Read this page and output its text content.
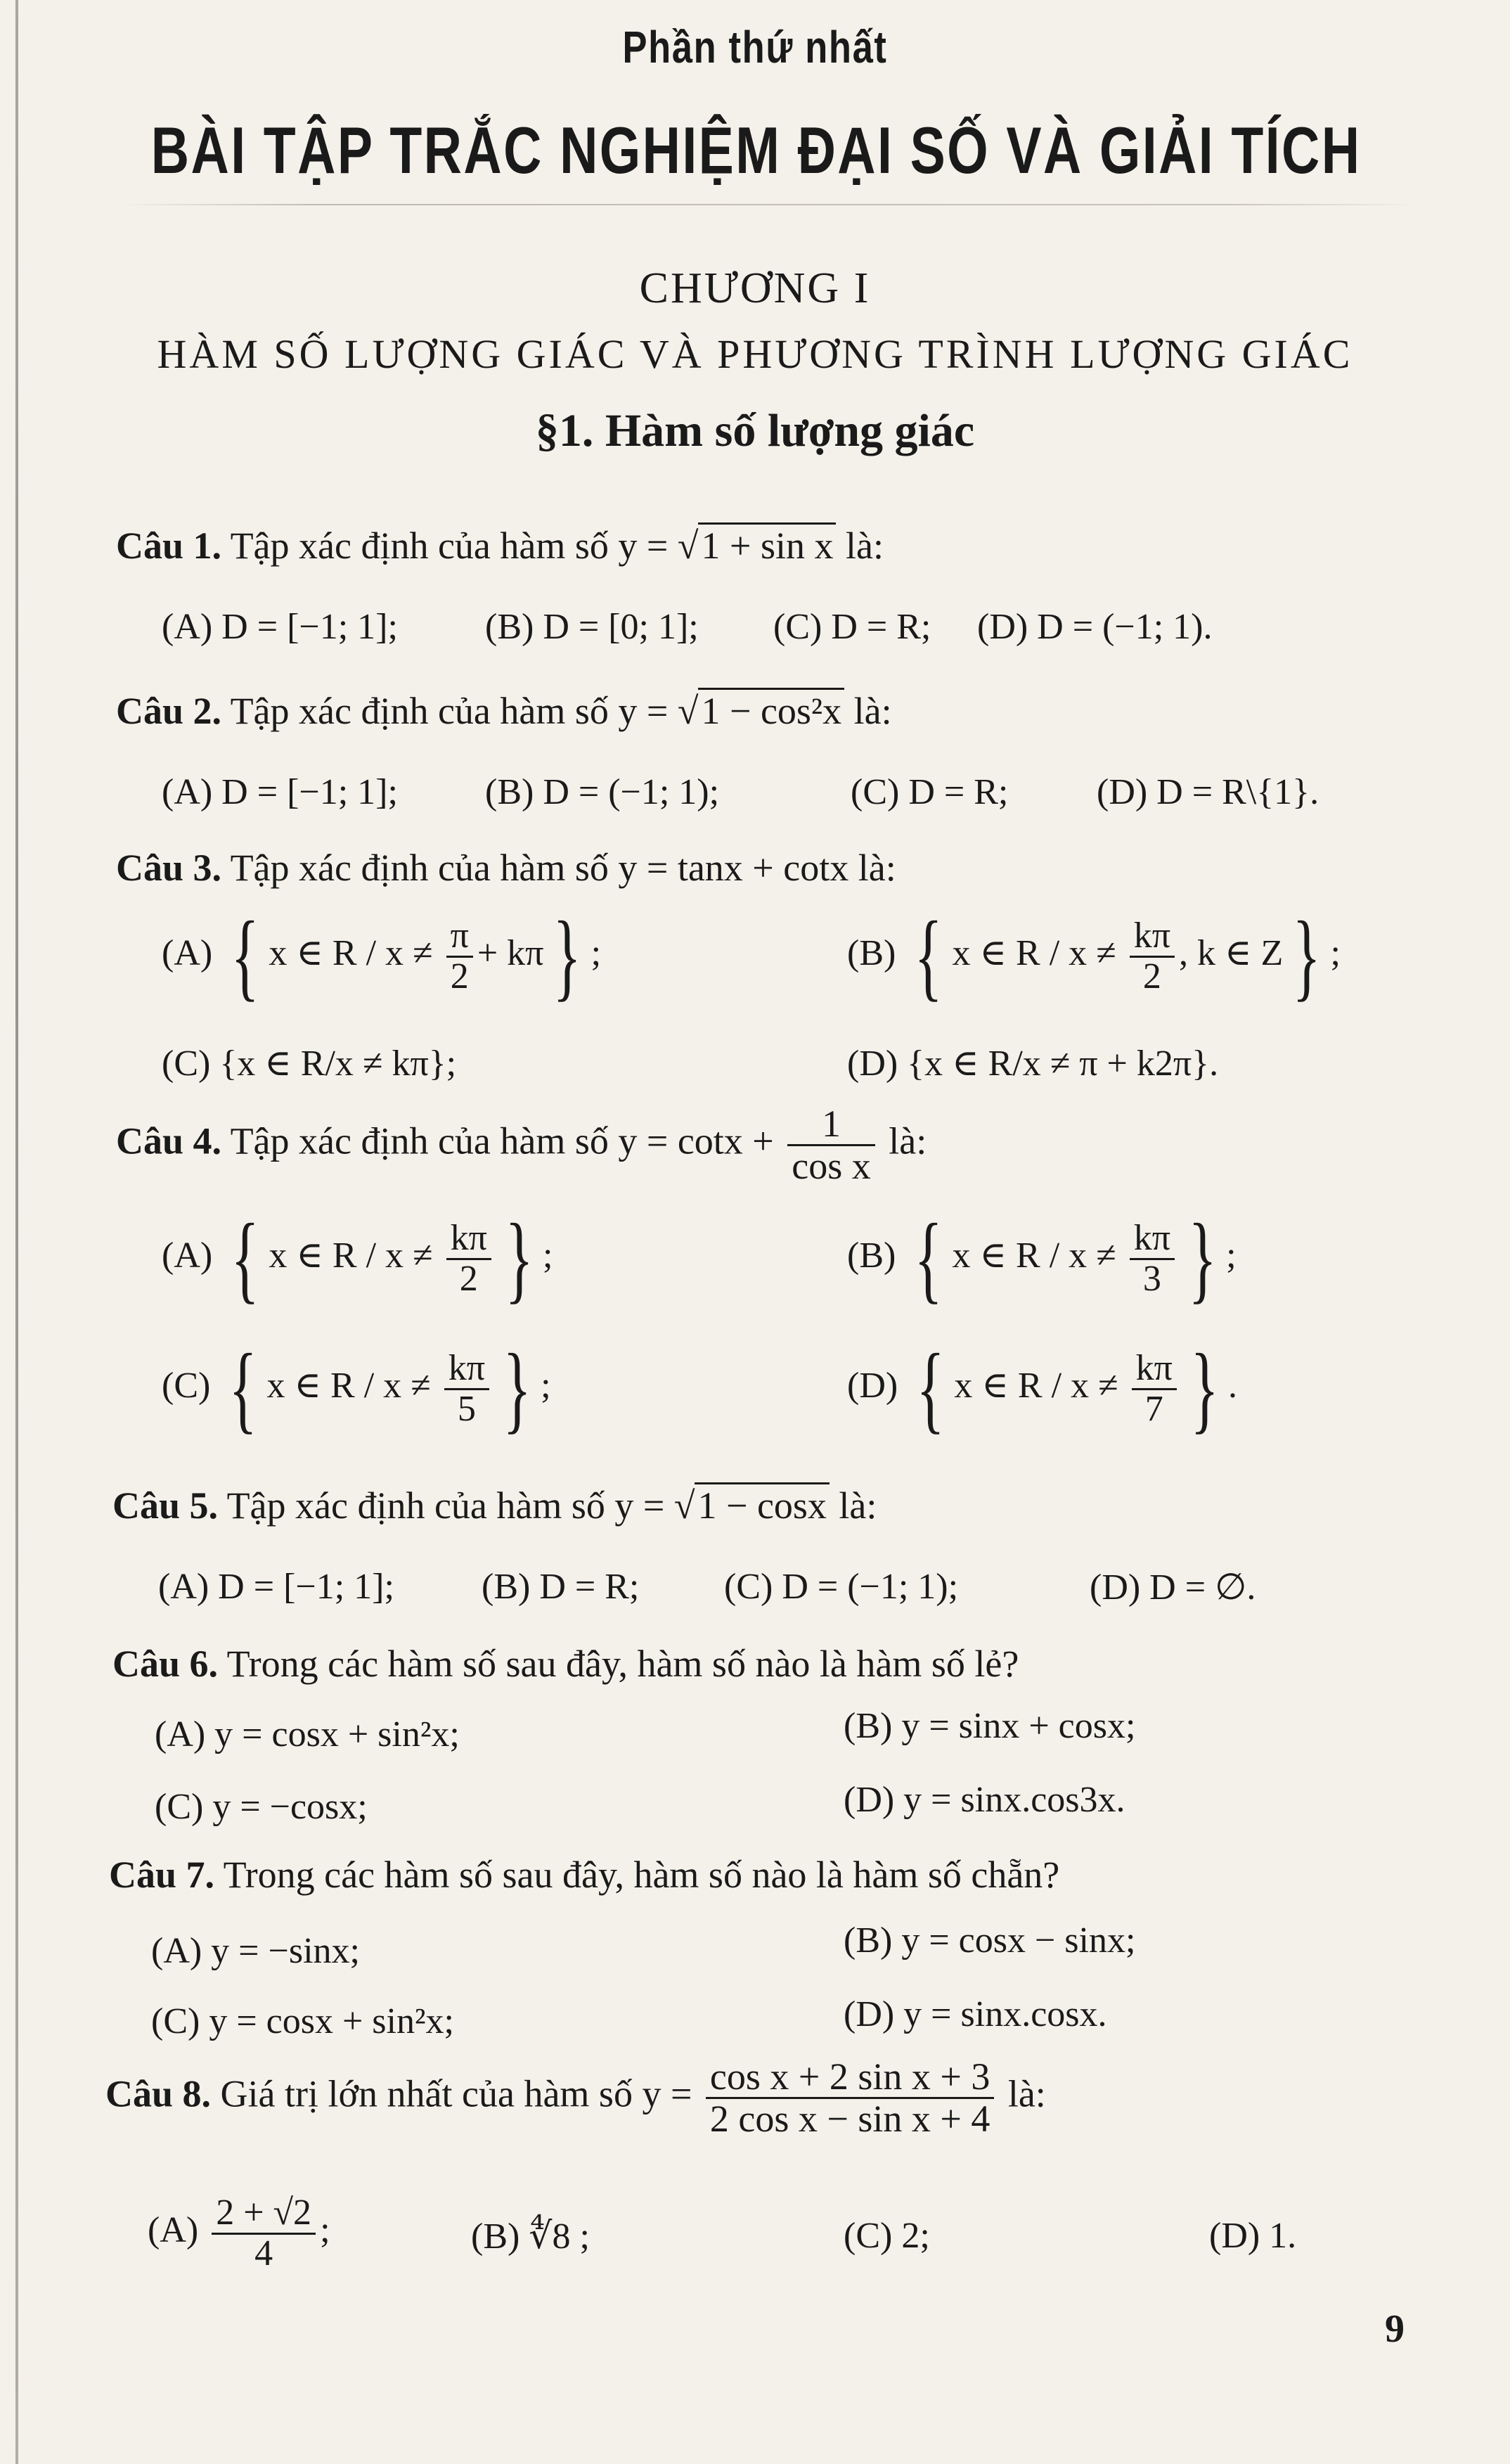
Phần thứ nhất
BÀI TẬP TRẮC NGHIỆM ĐẠI SỐ VÀ GIẢI TÍCH
CHƯƠNG I
HÀM SỐ LƯỢNG GIÁC VÀ PHƯƠNG TRÌNH LƯỢNG GIÁC
§1. Hàm số lượng giác
Câu 1. Tập xác định của hàm số y = √1 + sin x là:
(A) D = [−1; 1]; (B) D = [0; 1]; (C) D = R; (D) D = (−1; 1).
Câu 2. Tập xác định của hàm số y = √1 − cos²x là:
(A) D = [−1; 1]; (B) D = (−1; 1);	(C) D = R; (D) D = R\{1}.
Câu 3. Tập xác định của hàm số y = tanx + cotx là:
(A) { x ∈ $R / x \ne \frac{\pi}{2} + k\pi$} ;	(B) { x ∈ $R / x \ne \frac{k\pi}{2}$ , k ∈ Z} ;
(C) {x ∈ R/x ≠ kπ};	(D) {x ∈ R/x ≠ π + k2π}.
Câu 4. Tập xác định của hàm số $y = \cot x + \frac{1}{\text{cos x}}$ là:
(A) { x ∈ $R / x \ne \frac{k\pi}{2}$ } ;	(B) { x ∈ $R / x \ne \frac{k\pi}{3}$ } ;
(C) { x ∈ $R / x \ne \frac{k\pi}{5}$ } ;	(D) { x ∈ $R / x \ne \frac{k\pi}{7}$ } .
Câu 5. Tập xác định của hàm số y = √1 − cosx là:
(A) D = [−1; 1]; (B) D = R; (C) D = (−1; 1);	(D) D = ∅.
Câu 6. Trong các hàm số sau đây, hàm số nào là hàm số lẻ?
(A) y = cosx + sin²x;	(B) y = sinx + cosx;
(C) y = −cosx;	(D) y = sinx.cos3x.
Câu 7. Trong các hàm số sau đây, hàm số nào là hàm số chẵn?
(A) y = −sinx;	(B) y = cosx − sinx;
(C) y = cosx + sin²x;	(D) y = sinx.cosx.
Câu 8. Giá trị lớn nhất của hàm số $y = \frac{\text{cos x + 2 sin x + 3}}{\text{2 cos x − sin x + 4}}$ là:
$(A) \frac{2 + √2}{4}$ ;	(B) ∜8 ;	(C) 2;	(D) 1.
9
